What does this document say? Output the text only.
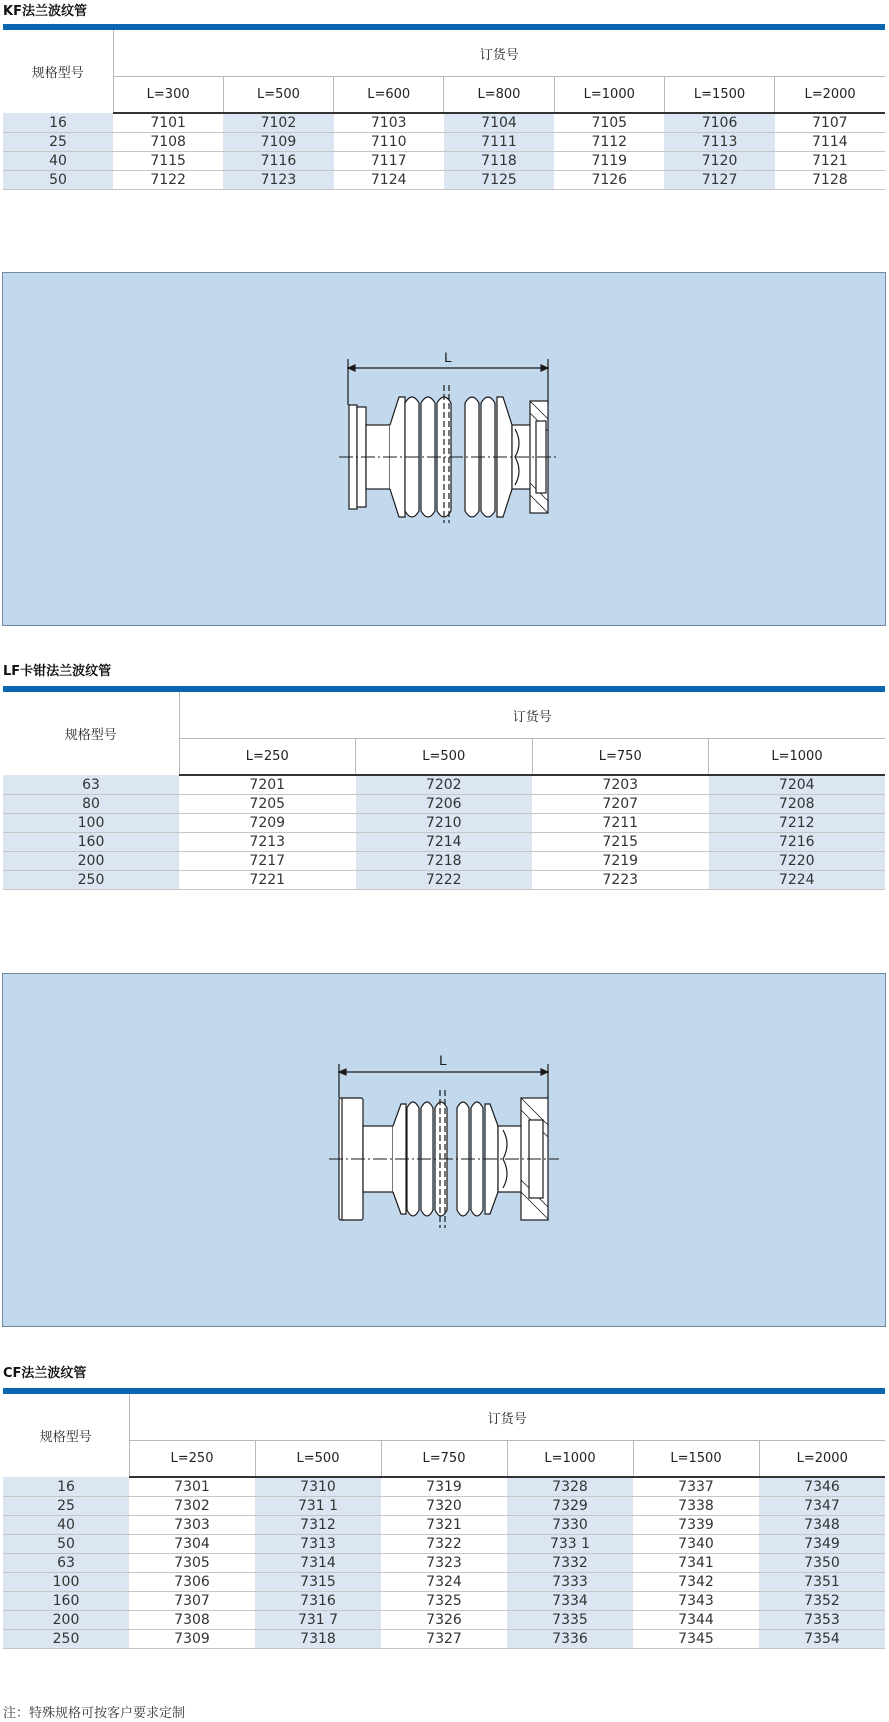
KF法兰波纹管
规格型号	订货号						
	L=300	L=500	L=600	L=800	L=1000	L=1500	L=2000
16	7101	7102	7103	7104	7105	7106	7107
25	7108	7109	7110	7111	7112	7113	7114
40	7115	7116	7117	7118	7119	7120	7121
50	7122	7123	7124	7125	7126	7127	7128
L
LF卡钳法兰波纹管
规格型号	订货号			
	L=250	L=500	L=750	L=1000
63	7201	7202	7203	7204
80	7205	7206	7207	7208
100	7209	7210	7211	7212
160	7213	7214	7215	7216
200	7217	7218	7219	7220
250	7221	7222	7223	7224
L
CF法兰波纹管
规格型号	订货号					
	L=250	L=500	L=750	L=1000	L=1500	L=2000
16	7301	7310	7319	7328	7337	7346
25	7302	731 1	7320	7329	7338	7347
40	7303	7312	7321	7330	7339	7348
50	7304	7313	7322	733 1	7340	7349
63	7305	7314	7323	7332	7341	7350
100	7306	7315	7324	7333	7342	7351
160	7307	7316	7325	7334	7343	7352
200	7308	731 7	7326	7335	7344	7353
250	7309	7318	7327	7336	7345	7354
注：特殊规格可按客户要求定制
